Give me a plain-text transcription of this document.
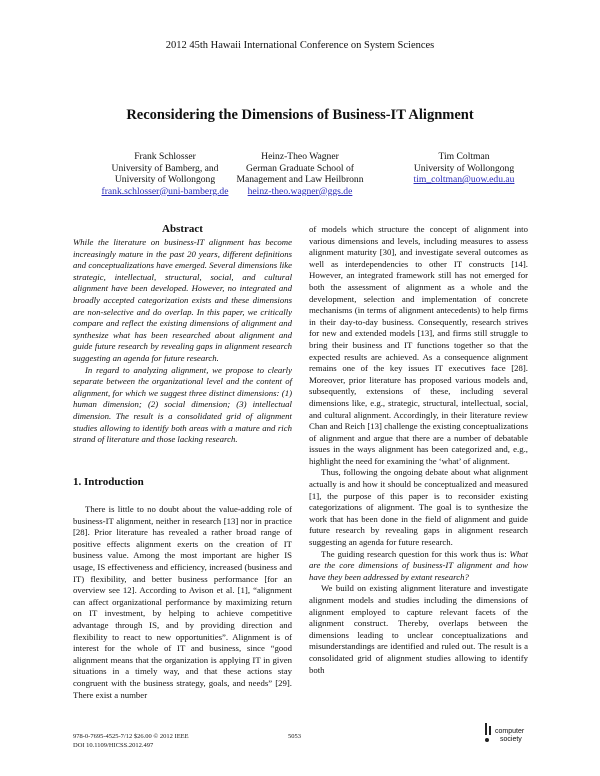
2012 45th Hawaii International Conference on System Sciences
Reconsidering the Dimensions of Business-IT Alignment
Frank Schlosser
University of Bamberg, and
University of Wollongong
frank.schlosser@uni-bamberg.de
Heinz-Theo Wagner
German Graduate School of
Management and Law Heilbronn
heinz-theo.wagner@ggs.de
Tim Coltman
University of Wollongong
tim_coltman@uow.edu.au
Abstract

While the literature on business-IT alignment has become increasingly mature in the past 20 years, different definitions and conceptualizations have emerged. Several dimensions like strategic, intellectual, structural, social, and cultural alignment have been developed. However, no integrated and broadly accepted categorization exists and these dimensions are non-selective and do overlap. In this paper, we critically compare and reflect the existing dimensions of alignment and synthesize what has been researched about alignment and guide future research by revealing gaps in alignment research suggesting an agenda for future research.

In regard to analyzing alignment, we propose to clearly separate between the organizational level and the content of alignment, for which we suggest three distinct dimensions: (1) human dimension; (2) social dimension; (3) intellectual dimension. The result is a consolidated grid of alignment studies allowing to identify both areas with a mature and rich strand of literature and those lacking research.

1. Introduction

There is little to no doubt about the value-adding role of business-IT alignment, neither in research [13] nor in practice [28]. Prior literature has revealed a rather broad range of positive effects alignment exerts on the creation of IT business value. Among the most important are higher IS usage, IS effectiveness and efficiency, increased (business and IT) flexibility, and better business performance [for an overview see 12]. According to Avison et al. [1], “alignment can affect organizational performance by maximizing return on IT investment, by helping to achieve competitive advantage through IS, and by providing direction and flexibility to react to new opportunities”. Alignment is of interest for the whole of IT and business, since “good alignment means that the organization is applying IT in given situations in a timely way, and that these actions stay congruent with the business strategy, goals, and needs” [29]. There exist a number

of models which structure the concept of alignment into various dimensions and levels, including measures to assess alignment maturity [30], and investigate several outcomes as well as interdependencies to other IT constructs [14]. However, an integrated framework still has not emerged for both the assessment of alignment as a whole and the development, selection and implementation of concrete mechanisms (in terms of alignment antecedents) to help firms in their day-to-day business. Consequently, research strives for new and extended models [13], and firms still struggle to bring their business and IT functions together so that the expected results are achieved. As a consequence alignment remains one of the key issues IT executives face [28]. Moreover, prior literature has proposed various models and, subsequently, extensions of these, including several dimensions like, e.g., strategic, structural, intellectual, social, and cultural alignment. Accordingly, in their literature review Chan and Reich [13] challenge the existing conceptualizations of alignment and argue that there are a number of debatable issues in the ways alignment has been categorized and, e.g., highlight the need for examining the ‘what’ of alignment.

Thus, following the ongoing debate about what alignment actually is and how it should be conceptualized and measured [1], the purpose of this paper is to reconsider existing categorizations of alignment. The goal is to synthesize the work that has been done in the field of alignment and guide future research by revealing gaps in alignment research suggesting an agenda for future research.

The guiding research question for this work thus is: What are the core dimensions of business-IT alignment and how have they been addressed by extant research?

We build on existing alignment literature and investigate alignment models and studies including the dimensions of alignment employed to capture relevant facets of the alignment construct. Thereby, overlaps between the dimensions leading to unclear conceptualizations and misunderstandings are identified and ruled out. The result is a consolidated grid of alignment studies allowing to identify both

978-0-7695-4525-7/12 $26.00 © 2012 IEEE
DOI 10.1109/HICSS.2012.497
5053
computer
society
